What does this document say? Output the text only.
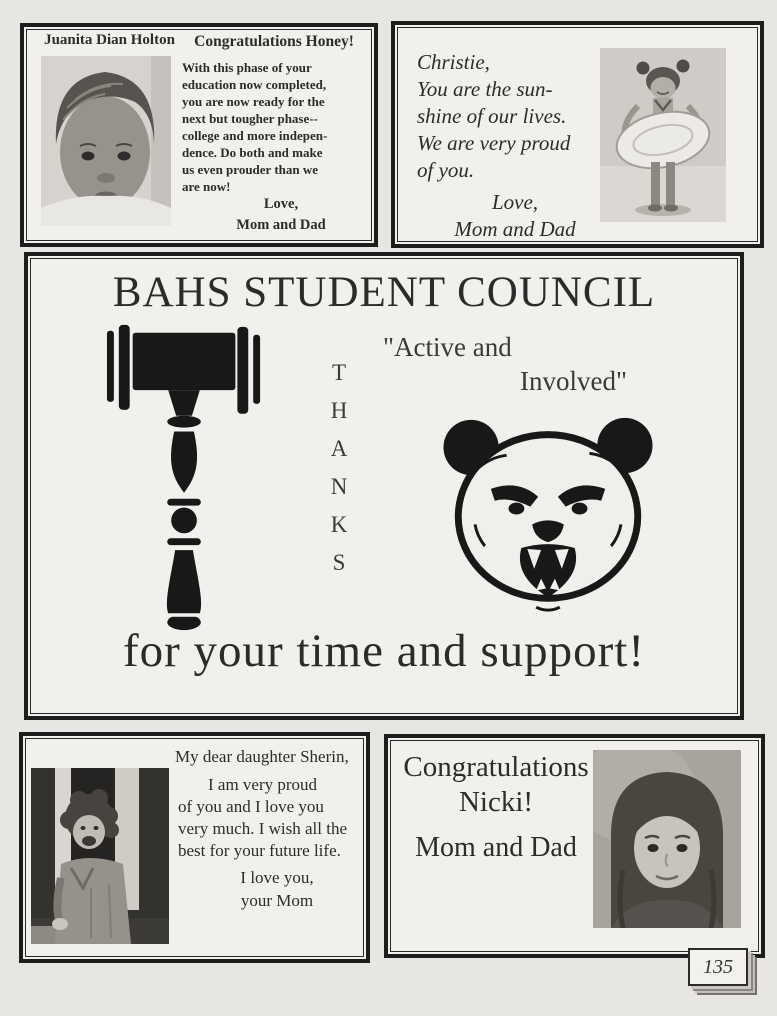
Juanita Dian Holton	Congratulations Honey!
With this phase of your
education now completed,
you are now ready for the
next but tougher phase--
college and more indepen-
dence. Do both and make
us even prouder than we
are now!
Love,
Mom and Dad
Christie,
You are the sun-
shine of our lives.
We are very proud
of you.
Love,
Mom and Dad
BAHS STUDENT COUNCIL
T
H
A
N
K
S
"Active and
Involved"
for your time and support!
My dear daughter Sherin,
I am very proud
of you and I love you
very much. I wish all the
best for your future life.
I love you,
your Mom
Congratulations
Nicki!
Mom and Dad
135
